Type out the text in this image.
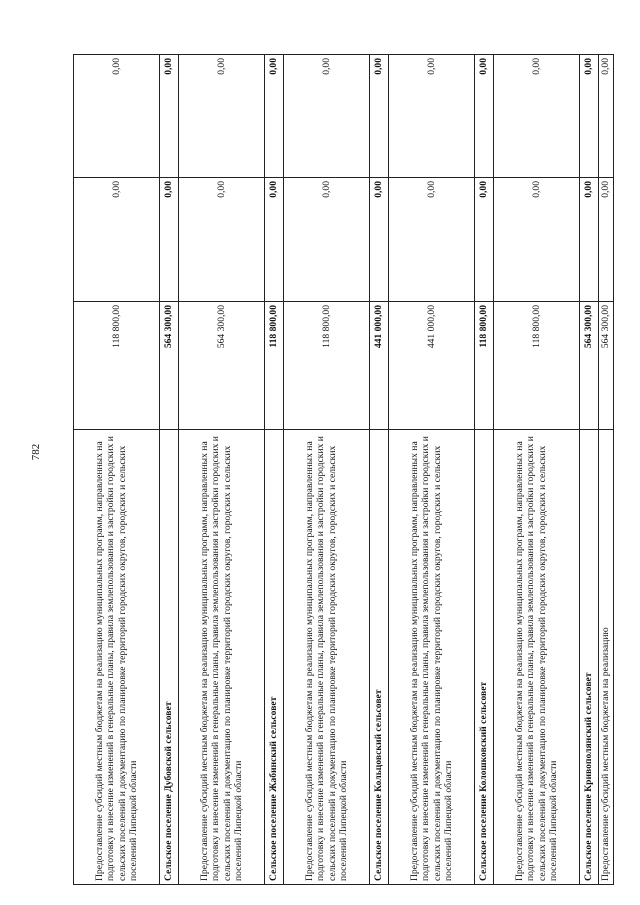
782	Предоставление субсидий местным бюджетам на реализацию муниципальных программ, направленных на подготовку и внесение изменений в генеральные планы, правила землепользования и застройки городских и сельских поселений и документацию по планировке территорий городских округов, городских и сельских поселений Липецкой области	118 800,00	0,00	0,00
Сельское поселение Дубовской сельсовет	564 300,00	0,00	0,00
Предоставление субсидий местным бюджетам на реализацию муниципальных программ, направленных на подготовку и внесение изменений в генеральные планы, правила землепользования и застройки городских и сельских поселений и документацию по планировке территорий городских округов, городских и сельских поселений Липецкой области	564 300,00	0,00	0,00
Сельское поселение Жабинский сельсовет	118 800,00	0,00	0,00
Предоставление субсидий местным бюджетам на реализацию муниципальных программ, направленных на подготовку и внесение изменений в генеральные планы, правила землепользования и застройки городских и сельских поселений и документацию по планировке территорий городских округов, городских и сельских поселений Липецкой области	118 800,00	0,00	0,00
Сельское поселение Кольцовский сельсовет	441 000,00	0,00	0,00
Предоставление субсидий местным бюджетам на реализацию муниципальных программ, направленных на подготовку и внесение изменений в генеральные планы, правила землепользования и застройки городских и сельских поселений и документацию по планировке территорий городских округов, городских и сельских поселений Липецкой области	441 000,00	0,00	0,00
Сельское поселение Колошковский сельсовет	118 800,00	0,00	0,00
Предоставление субсидий местным бюджетам на реализацию муниципальных программ, направленных на подготовку и внесение изменений в генеральные планы, правила землепользования и застройки городских и сельских поселений и документацию по планировке территорий городских округов, городских и сельских поселений Липецкой области	118 800,00	0,00	0,00
Сельское поселение Кривополянский сельсовет	564 300,00	0,00	0,00
Предоставление субсидий местным бюджетам на реализацию	564 300,00	0,00	0,00
